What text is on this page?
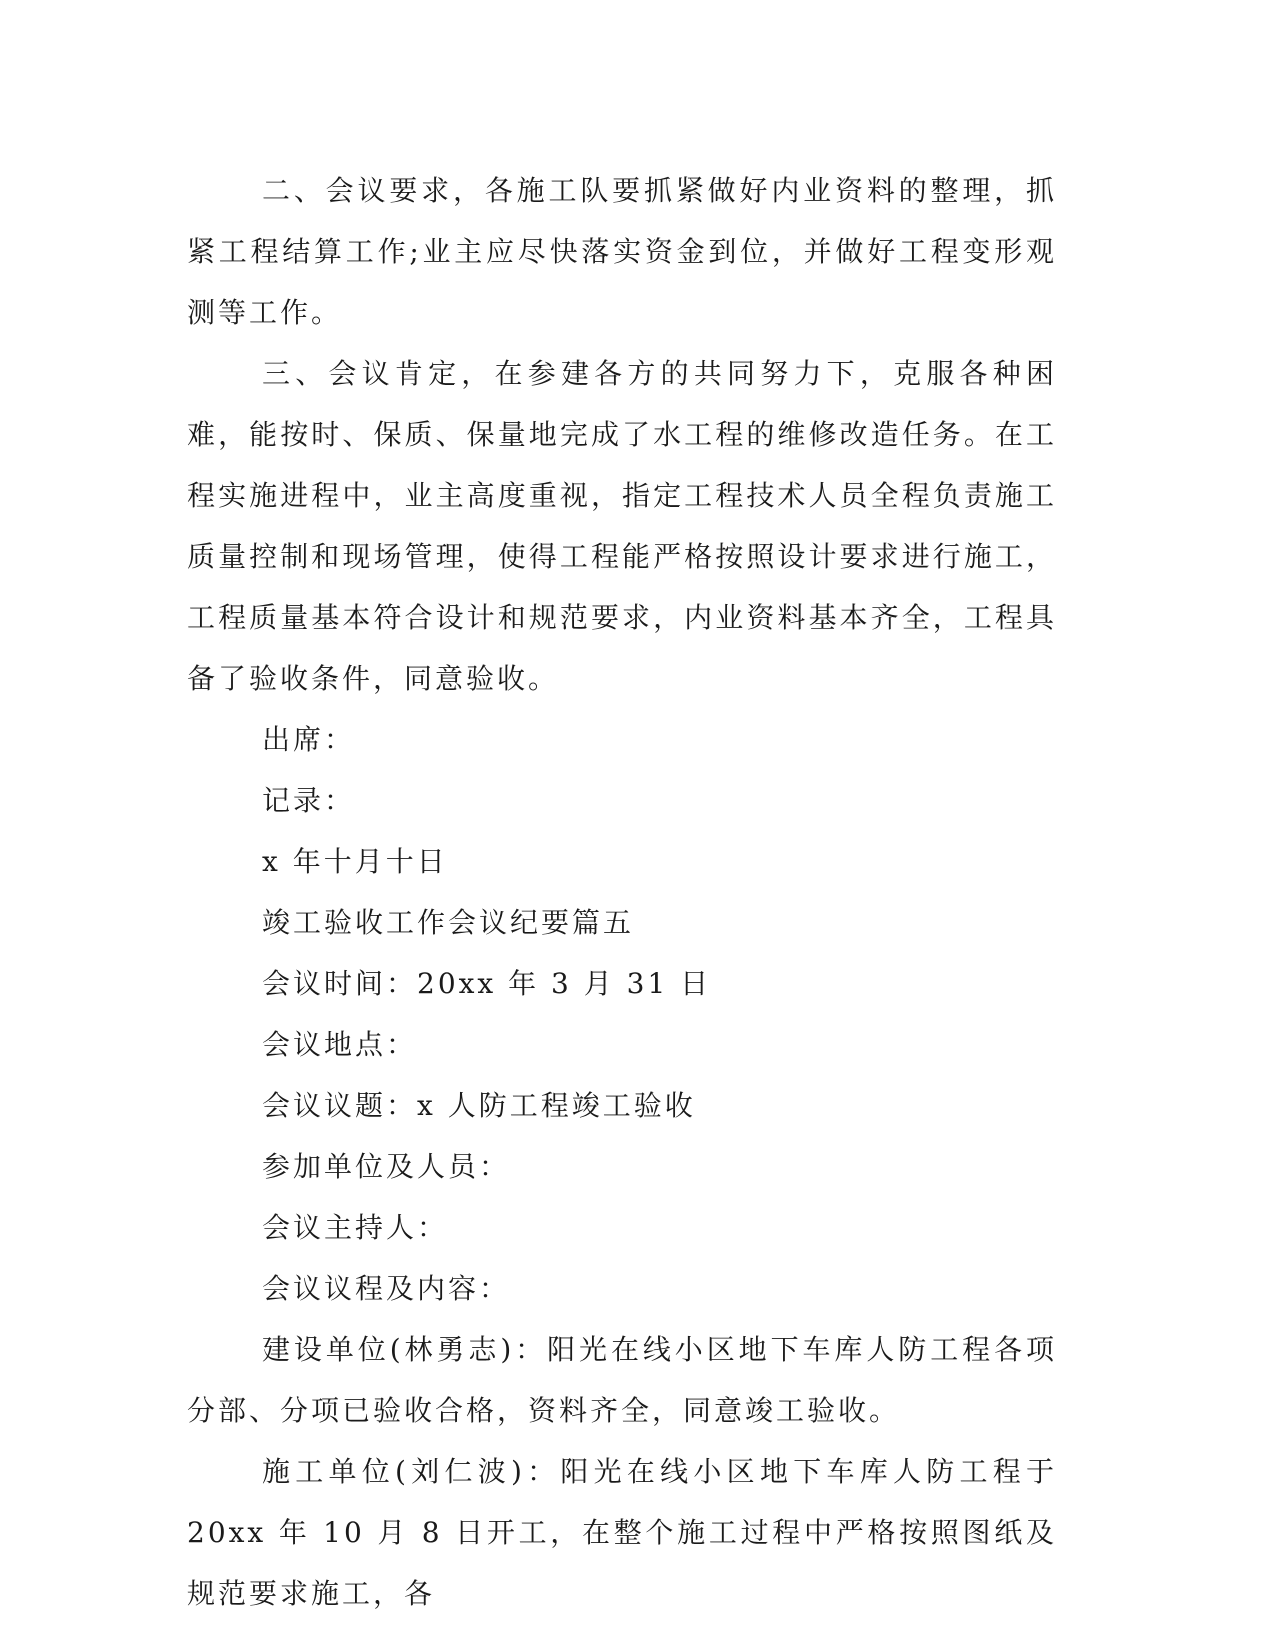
二、会议要求，各施工队要抓紧做好内业资料的整理，抓紧工程结算工作;业主应尽快落实资金到位，并做好工程变形观测等工作。

三、会议肯定，在参建各方的共同努力下，克服各种困难，能按时、保质、保量地完成了水工程的维修改造任务。在工程实施进程中，业主高度重视，指定工程技术人员全程负责施工质量控制和现场管理，使得工程能严格按照设计要求进行施工，工程质量基本符合设计和规范要求，内业资料基本齐全，工程具备了验收条件，同意验收。

出席：

记录：

x 年十月十日

竣工验收工作会议纪要篇五

会议时间：20xx 年 3 月 31 日

会议地点：

会议议题：x 人防工程竣工验收

参加单位及人员：

会议主持人：

会议议程及内容：

建设单位(林勇志)：阳光在线小区地下车库人防工程各项分部、分项已验收合格，资料齐全，同意竣工验收。

施工单位(刘仁波)：阳光在线小区地下车库人防工程于 20xx 年 10 月 8 日开工，在整个施工过程中严格按照图纸及规范要求施工，各
